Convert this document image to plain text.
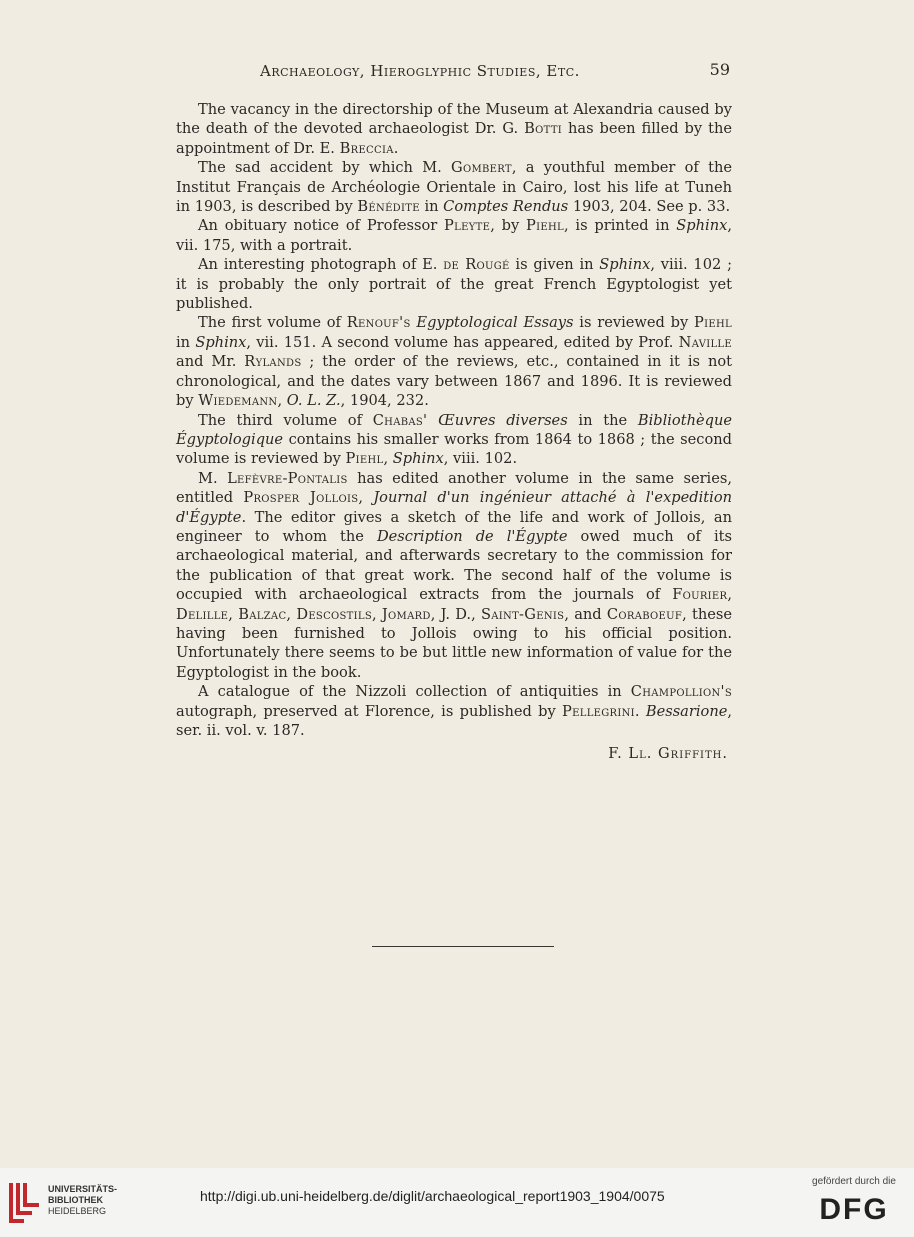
Archaeology, Hieroglyphic Studies, Etc.	59

The vacancy in the directorship of the Museum at Alexandria caused by the death of the devoted archaeologist Dr. G. Botti has been filled by the appointment of Dr. E. Breccia.

The sad accident by which M. Gombert, a youthful member of the Institut Français de Archéologie Orientale in Cairo, lost his life at Tuneh in 1903, is described by Bénédite in Comptes Rendus 1903, 204. See p. 33.

An obituary notice of Professor Pleyte, by Piehl, is printed in Sphinx, vii. 175, with a portrait.

An interesting photograph of E. de Rougé is given in Sphinx, viii. 102 ; it is probably the only portrait of the great French Egyptologist yet published.

The first volume of Renouf's Egyptological Essays is reviewed by Piehl in Sphinx, vii. 151. A second volume has appeared, edited by Prof. Naville and Mr. Rylands ; the order of the reviews, etc., contained in it is not chronological, and the dates vary between 1867 and 1896. It is reviewed by Wiedemann, O. L. Z., 1904, 232.

The third volume of Chabas' Œuvres diverses in the Bibliothèque Égyptologique contains his smaller works from 1864 to 1868 ; the second volume is reviewed by Piehl, Sphinx, viii. 102.

M. Lefèvre-Pontalis has edited another volume in the same series, entitled Prosper Jollois, Journal d'un ingénieur attaché à l'expedition d'Égypte. The editor gives a sketch of the life and work of Jollois, an engineer to whom the Description de l'Égypte owed much of its archaeological material, and afterwards secretary to the commission for the publication of that great work. The second half of the volume is occupied with archaeological extracts from the journals of Fourier, Delille, Balzac, Descostils, Jomard, J. D., Saint-Genis, and Coraboeuf, these having been furnished to Jollois owing to his official position. Unfortunately there seems to be but little new information of value for the Egyptologist in the book.

A catalogue of the Nizzoli collection of antiquities in Champollion's autograph, preserved at Florence, is published by Pellegrini. Bessarione, ser. ii. vol. v. 187.

F. Ll. Griffith.
UNIVERSITÄTS-
BIBLIOTHEK
HEIDELBERG
http://digi.ub.uni-heidelberg.de/diglit/archaeological_report1903_1904/0075
gefördert durch die
DFG
